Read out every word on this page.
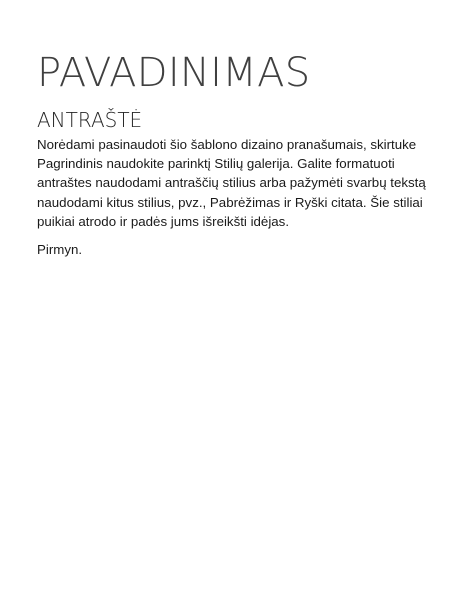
PAVADINIMAS
ANTRAŠTĖ

Norėdami pasinaudoti šio šablono dizaino pranašumais, skirtuke Pagrindinis naudokite parinktį Stilių galerija. Galite formatuoti antraštes naudodami antraščių stilius arba pažymėti svarbų tekstą naudodami kitus stilius, pvz., Pabrėžimas ir Ryški citata. Šie stiliai puikiai atrodo ir padės jums išreikšti idėjas.

Pirmyn.
